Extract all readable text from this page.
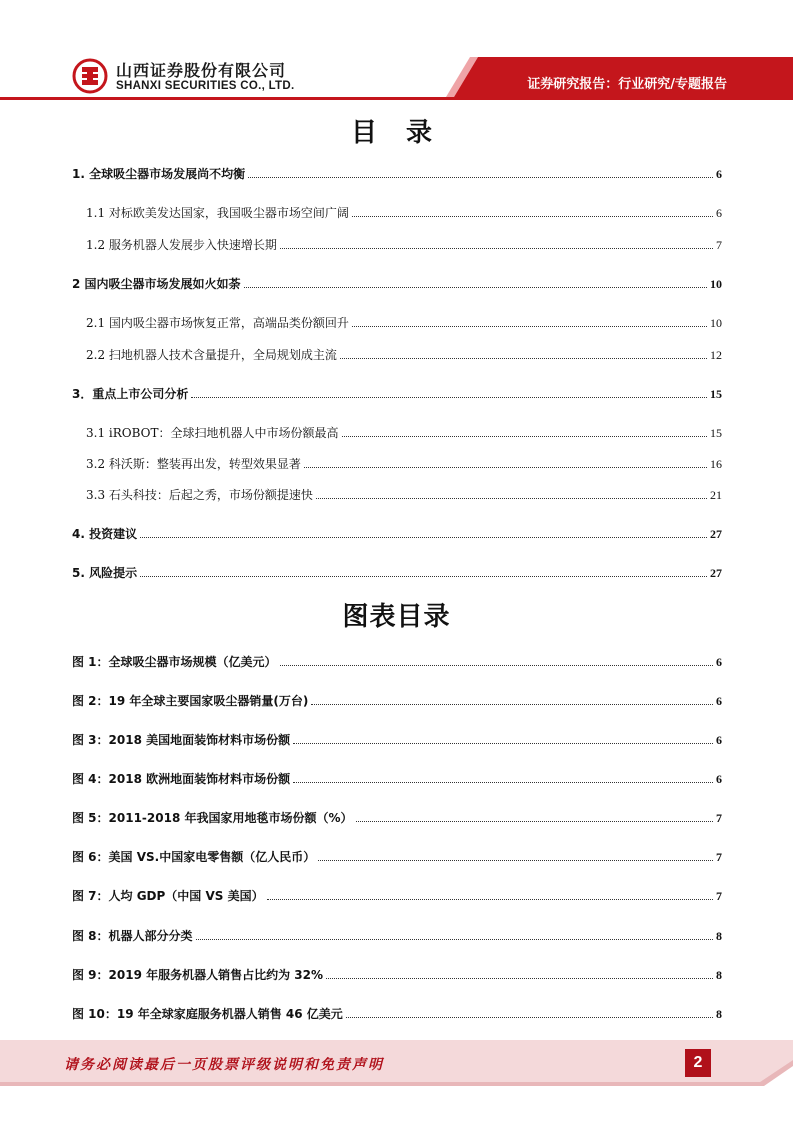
山西证券股份有限公司
SHANXI SECURITIES CO., LTD.	证券研究报告：行业研究/专题报告
目 录
1. 全球吸尘器市场发展尚不均衡	6
1.1 对标欧美发达国家，我国吸尘器市场空间广阔	6
1.2 服务机器人发展步入快速增长期	7
2 国内吸尘器市场发展如火如荼	10
2.1 国内吸尘器市场恢复正常，高端品类份额回升	10
2.2 扫地机器人技术含量提升，全局规划成主流	12
3．重点上市公司分析	15
3.1 iROBOT：全球扫地机器人中市场份额最高	15
3.2 科沃斯：整装再出发，转型效果显著	16
3.3 石头科技：后起之秀，市场份额提速快	21
4. 投资建议	27
5. 风险提示	27
图表目录
图 1：全球吸尘器市场规模（亿美元）	6
图 2：19 年全球主要国家吸尘器销量(万台)	6
图 3：2018 美国地面装饰材料市场份额	6
图 4：2018 欧洲地面装饰材料市场份额	6
图 5：2011-2018 年我国家用地毯市场份额（%）	7
图 6：美国 VS.中国家电零售额（亿人民币）	7
图 7：人均 GDP（中国 VS 美国）	7
图 8：机器人部分分类	8
图 9：2019 年服务机器人销售占比约为 32%	8
图 10：19 年全球家庭服务机器人销售 46 亿美元	8
请务必阅读最后一页股票评级说明和免责声明	2
